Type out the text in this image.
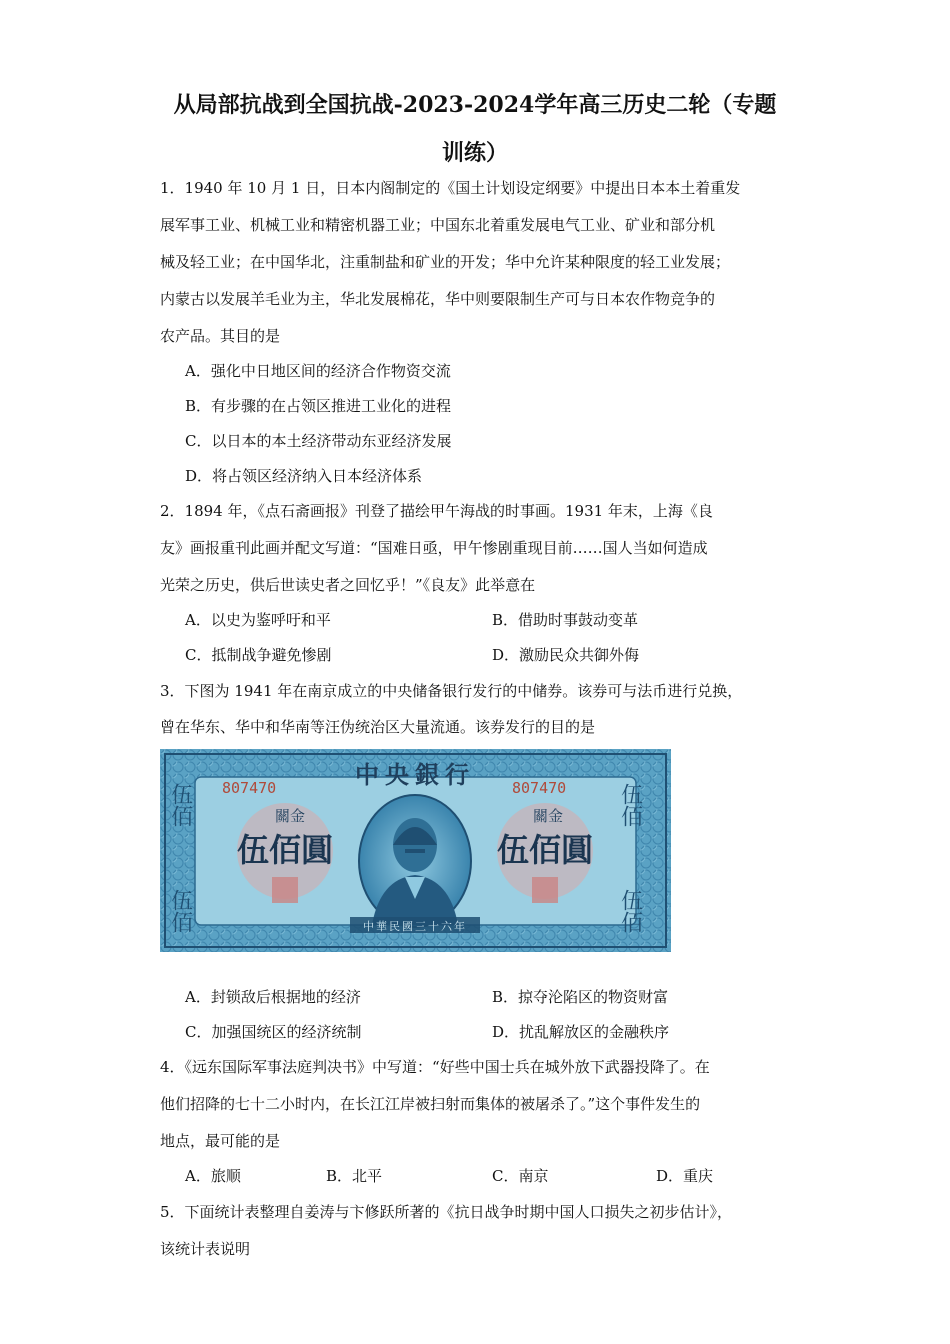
从局部抗战到全国抗战-2023-2024学年高三历史二轮（专题
训练）
1．1940 年 10 月 1 日，日本内阁制定的《国土计划设定纲要》中提出日本本土着重发
展军事工业、机械工业和精密机器工业；中国东北着重发展电气工业、矿业和部分机
械及轻工业；在中国华北，注重制盐和矿业的开发；华中允许某种限度的轻工业发展；
内蒙古以发展羊毛业为主，华北发展棉花，华中则要限制生产可与日本农作物竞争的
农产品。其目的是
A．强化中日地区间的经济合作物资交流
B．有步骤的在占领区推进工业化的进程
C．以日本的本土经济带动东亚经济发展
D．将占领区经济纳入日本经济体系
2．1894 年，《点石斋画报》刊登了描绘甲午海战的时事画。1931 年末，上海《良
友》画报重刊此画并配文写道：“国难日亟，甲午惨剧重现目前……国人当如何造成
光荣之历史，供后世读史者之回忆乎！”《良友》此举意在
A．以史为鉴呼吁和平	B．借助时事鼓动变革
C．抵制战争避免惨剧	D．激励民众共御外侮
3．下图为 1941 年在南京成立的中央储备银行发行的中储券。该券可与法币进行兑换，
曾在华东、华中和华南等汪伪统治区大量流通。该券发行的目的是
伍佰	伍佰
伍佰	伍佰
中央銀行
807470	807470
關金
伍佰圓
關金
伍佰圓
中華民國三十六年
A．封锁敌后根据地的经济	B．掠夺沦陷区的物资财富
C．加强国统区的经济统制	D．扰乱解放区的金融秩序
4．《远东国际军事法庭判决书》中写道：“好些中国士兵在城外放下武器投降了。在
他们招降的七十二小时内，在长江江岸被扫射而集体的被屠杀了。”这个事件发生的
地点，最可能的是
A．旅顺	B．北平	C．南京	D．重庆
5．下面统计表整理自姜涛与卞修跃所著的《抗日战争时期中国人口损失之初步估计》，
该统计表说明
